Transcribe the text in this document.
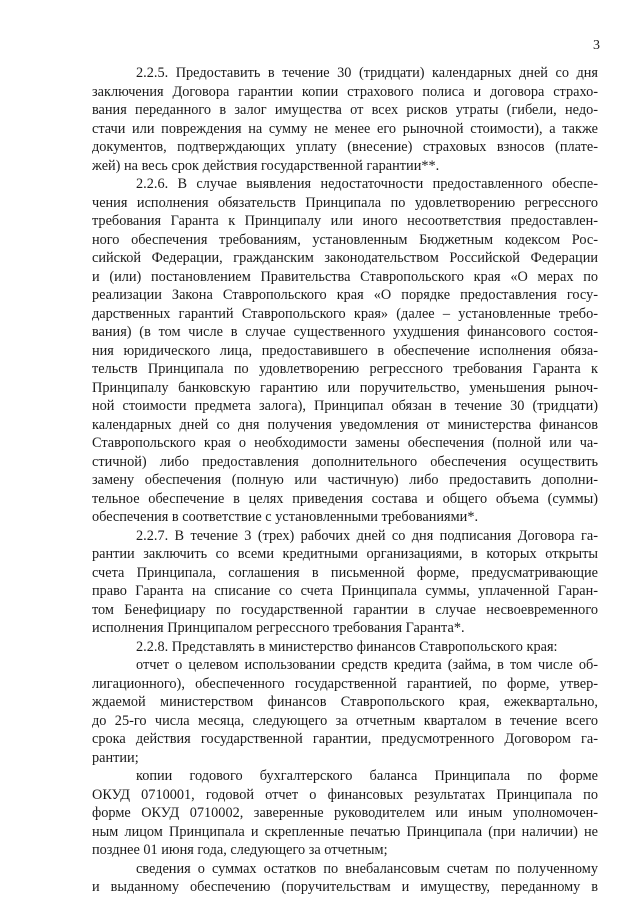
3
2.2.5. Предоставить в течение 30 (тридцати) календарных дней со дня
заключения Договора гарантии копии страхового полиса и договора страхо-
вания переданного в залог имущества от всех рисков утраты (гибели, недо-
стачи или повреждения на сумму не менее его рыночной стоимости), а также
документов, подтверждающих уплату (внесение) страховых взносов (плате-
жей) на весь срок действия государственной гарантии**.
2.2.6. В случае выявления недостаточности предоставленного обеспе-
чения исполнения обязательств Принципала по удовлетворению регрессного
требования Гаранта к Принципалу или иного несоответствия предоставлен-
ного обеспечения требованиям, установленным Бюджетным кодексом Рос-
сийской Федерации, гражданским законодательством Российской Федерации
и (или) постановлением Правительства Ставропольского края «О мерах по
реализации Закона Ставропольского края «О порядке предоставления госу-
дарственных гарантий Ставропольского края» (далее – установленные требо-
вания) (в том числе в случае существенного ухудшения финансового состоя-
ния юридического лица, предоставившего в обеспечение исполнения обяза-
тельств Принципала по удовлетворению регрессного требования Гаранта к
Принципалу банковскую гарантию или поручительство, уменьшения рыноч-
ной стоимости предмета залога), Принципал обязан в течение 30 (тридцати)
календарных дней со дня получения уведомления от министерства финансов
Ставропольского края о необходимости замены обеспечения (полной или ча-
стичной) либо предоставления дополнительного обеспечения осуществить
замену обеспечения (полную или частичную) либо предоставить дополни-
тельное обеспечение в целях приведения состава и общего объема (суммы)
обеспечения в соответствие с установленными требованиями*.
2.2.7. В течение 3 (трех) рабочих дней со дня подписания Договора га-
рантии заключить со всеми кредитными организациями, в которых открыты
счета Принципала, соглашения в письменной форме, предусматривающие
право Гаранта на списание со счета Принципала суммы, уплаченной Гаран-
том Бенефициару по государственной гарантии в случае несвоевременного
исполнения Принципалом регрессного требования Гаранта*.
2.2.8. Представлять в министерство финансов Ставропольского края:
отчет о целевом использовании средств кредита (займа, в том числе об-
лигационного), обеспеченного государственной гарантией, по форме, утвер-
ждаемой министерством финансов Ставропольского края, ежеквартально,
до 25-го числа месяца, следующего за отчетным кварталом в течение всего
срока действия государственной гарантии, предусмотренного Договором га-
рантии;
копии годового бухгалтерского баланса Принципала по форме
ОКУД 0710001, годовой отчет о финансовых результатах Принципала по
форме ОКУД 0710002, заверенные руководителем или иным уполномочен-
ным лицом Принципала и скрепленные печатью Принципала (при наличии) не
позднее 01 июня года, следующего за отчетным;
сведения о суммах остатков по внебалансовым счетам по полученному
и выданному обеспечению (поручительствам и имуществу, переданному в
